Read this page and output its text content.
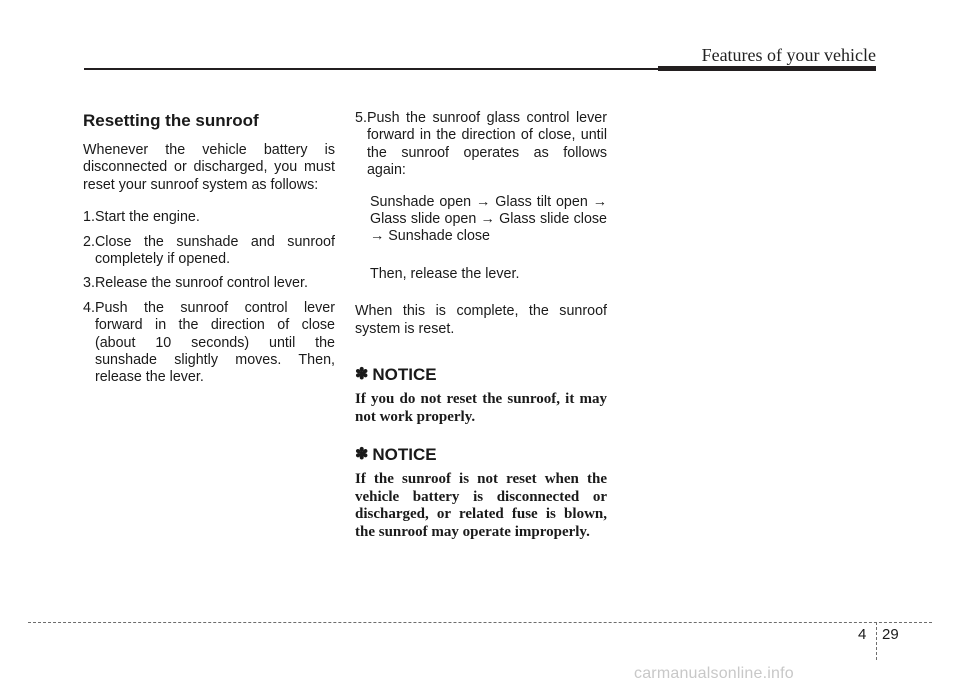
Features of your vehicle
Resetting the sunroof

Whenever the vehicle battery is disconnected or discharged, you must reset your sunroof system as follows:

1. Start the engine.
2. Close the sunshade and sunroof completely if opened.
3. Release the sunroof control lever.
4. Push the sunroof control lever forward in the direction of close (about 10 seconds) until the sunshade slightly moves. Then, release the lever.
5. Push the sunroof glass control lever forward in the direction of close, until the sunroof operates as follows again:

Sunshade open → Glass tilt open → Glass slide open → Glass slide close → Sunshade close

Then, release the lever.

When this is complete, the sunroof system is reset.

✽ NOTICE

If you do not reset the sunroof, it may not work properly.

✽ NOTICE

If the sunroof is not reset when the vehicle battery is disconnected or discharged, or related fuse is blown, the sunroof may operate improperly.

4 29
carmanualsonline.info
